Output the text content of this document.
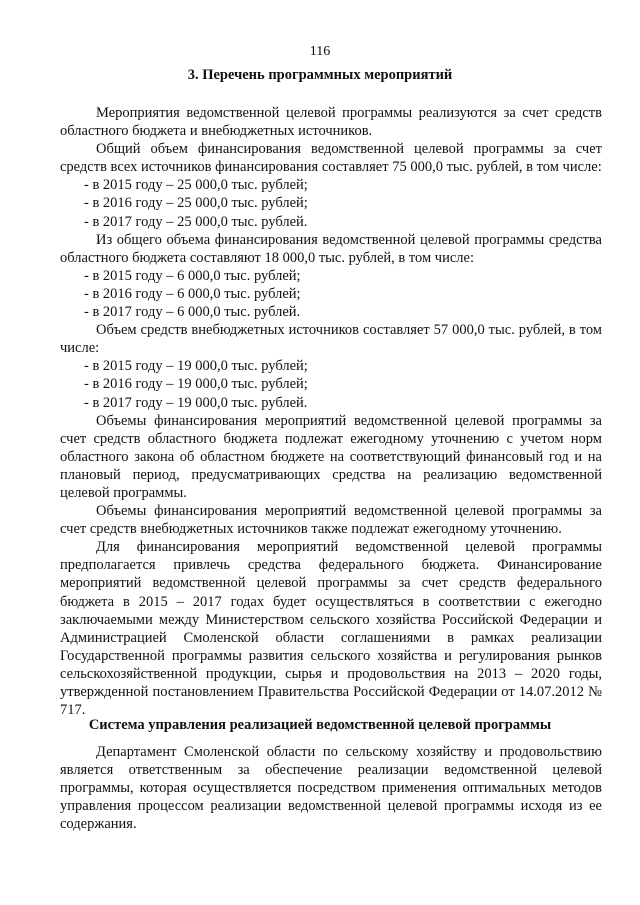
116
3. Перечень программных мероприятий

Мероприятия ведомственной целевой программы реализуются за счет средств областного бюджета и внебюджетных источников.

Общий объем финансирования ведомственной целевой программы за счет средств всех источников финансирования составляет 75 000,0 тыс. рублей, в том числе:

- в 2015 году – 25 000,0 тыс. рублей;

- в 2016 году – 25 000,0 тыс. рублей;

- в 2017 году – 25 000,0 тыс. рублей.

Из общего объема финансирования ведомственной целевой программы средства областного бюджета составляют 18 000,0 тыс. рублей, в том числе:

- в 2015 году – 6 000,0 тыс. рублей;

- в 2016 году – 6 000,0 тыс. рублей;

- в 2017 году – 6 000,0 тыс. рублей.

Объем средств внебюджетных источников составляет 57 000,0 тыс. рублей, в том числе:

- в 2015 году – 19 000,0 тыс. рублей;

- в 2016 году – 19 000,0 тыс. рублей;

- в 2017 году – 19 000,0 тыс. рублей.

Объемы финансирования мероприятий ведомственной целевой программы за счет средств областного бюджета подлежат ежегодному уточнению с учетом норм областного закона об областном бюджете на соответствующий финансовый год и на плановый период, предусматривающих средства на реализацию ведомственной целевой программы.

Объемы финансирования мероприятий ведомственной целевой программы за счет средств внебюджетных источников также подлежат ежегодному уточнению.

Для финансирования мероприятий ведомственной целевой программы предполагается привлечь средства федерального бюджета. Финансирование мероприятий ведомственной целевой программы за счет средств федерального бюджета в 2015 – 2017 годах будет осуществляться в соответствии с ежегодно заключаемыми между Министерством сельского хозяйства Российской Федерации и Администрацией Смоленской области соглашениями в рамках реализации Государственной программы развития сельского хозяйства и регулирования рынков сельскохозяйственной продукции, сырья и продовольствия на 2013 – 2020 годы, утвержденной постановлением Правительства Российской Федерации от 14.07.2012 № 717.

Система управления реализацией ведомственной целевой программы

Департамент Смоленской области по сельскому хозяйству и продовольствию является ответственным за обеспечение реализации ведомственной целевой программы, которая осуществляется посредством применения оптимальных методов управления процессом реализации ведомственной целевой программы исходя из ее содержания.
